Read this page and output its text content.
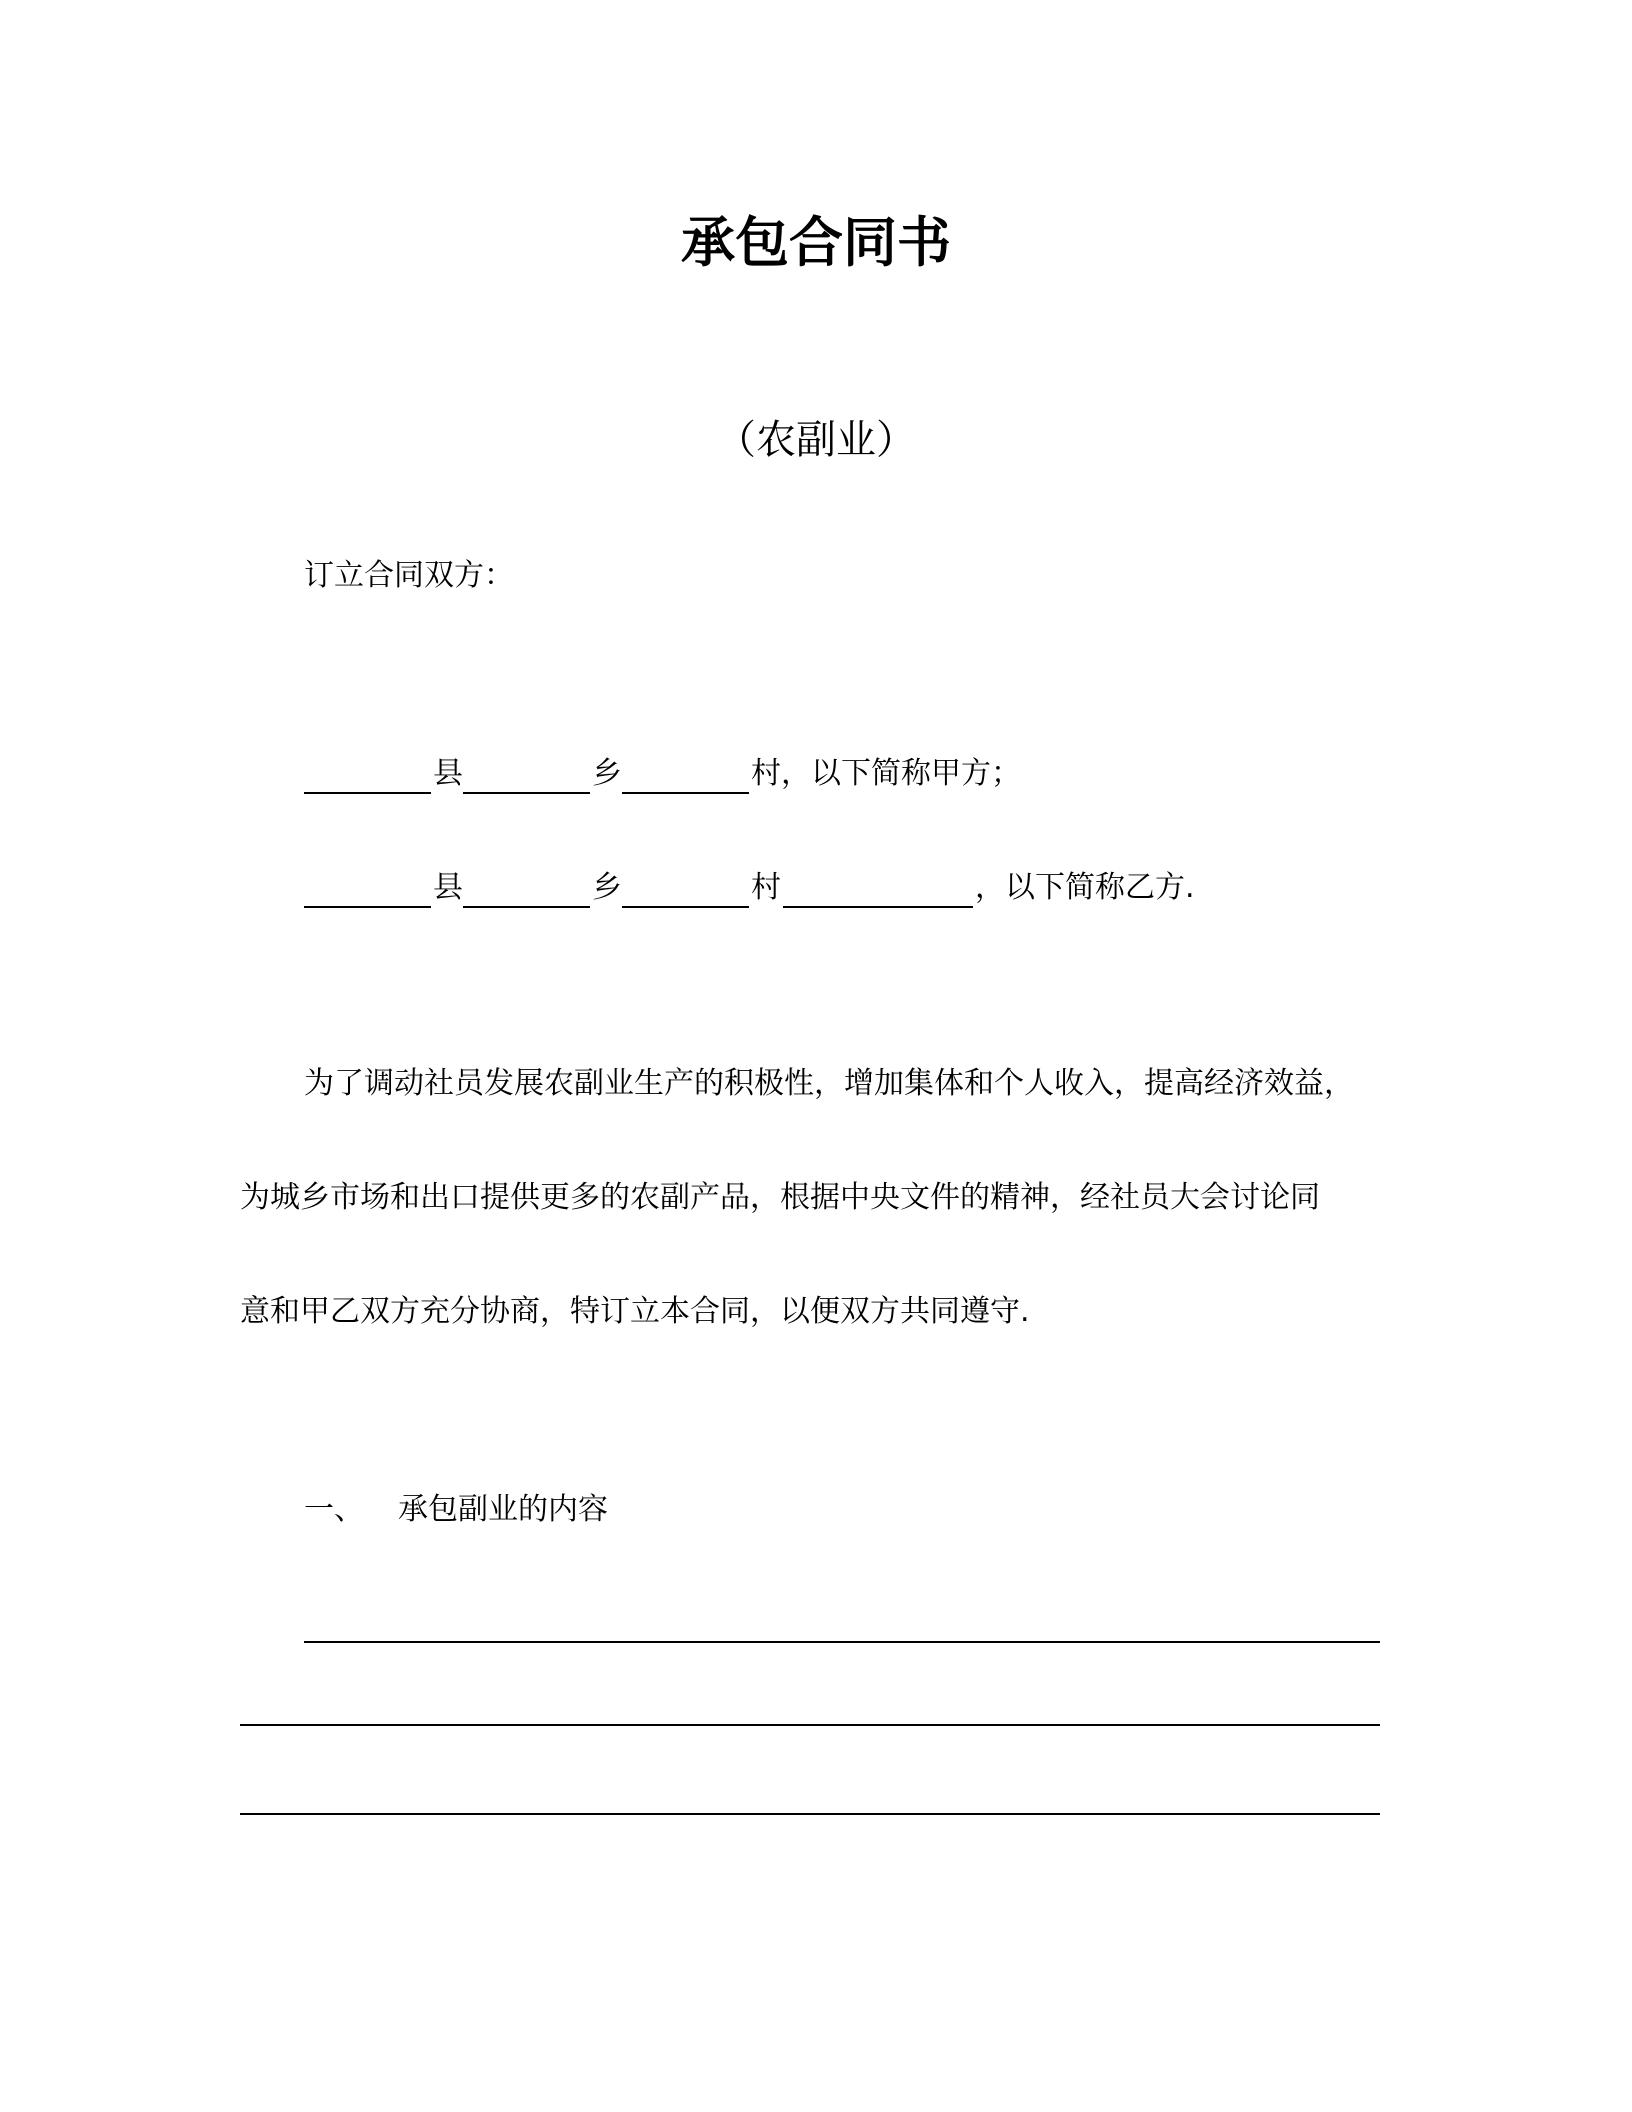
承包合同书
（农副业）
订立合同双方：
县	乡	村，以下简称甲方；
县	乡	村	，以下简称乙方.
为了调动社员发展农副业生产的积极性，增加集体和个人收入，提高经济效益，
为城乡市场和出口提供更多的农副产品，根据中央文件的精神，经社员大会讨论同
意和甲乙双方充分协商，特订立本合同，以便双方共同遵守.
一、 承包副业的内容
